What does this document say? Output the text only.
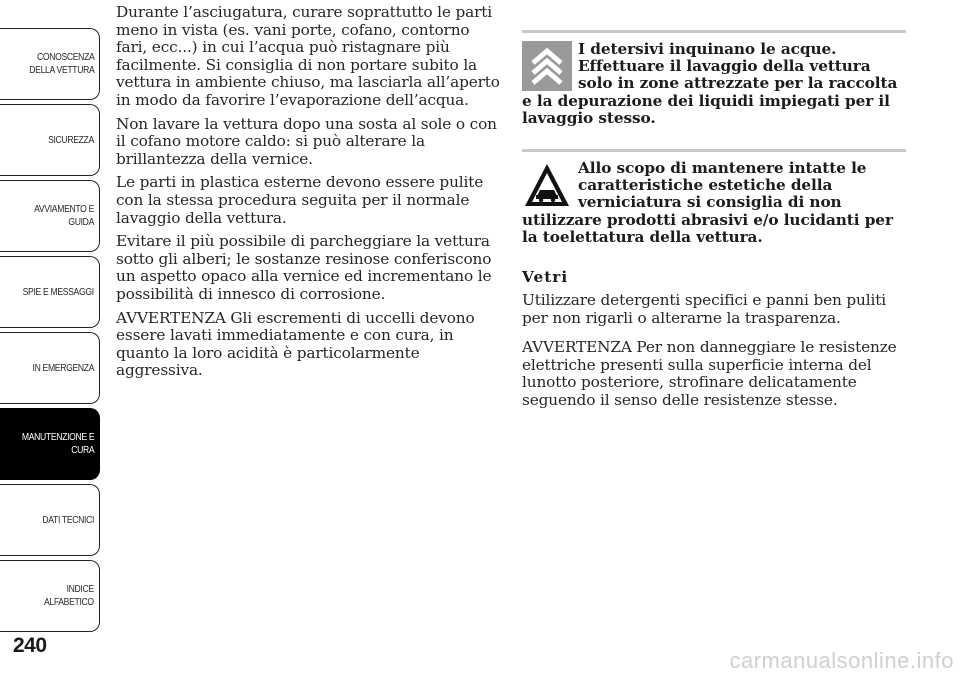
CONOSCENZA
DELLA VETTURA
SICUREZZA
AVVIAMENTO E
GUIDA
SPIE E MESSAGGI
IN EMERGENZA
MANUTENZIONE E
CURA
DATI TECNICI
INDICE
ALFABETICO
240

Durante l’asciugatura, curare soprattutto le parti meno in vista (es. vani porte, cofano, contorno fari, ecc...) in cui l’acqua può ristagnare più facilmente. Si consiglia di non portare subito la vettura in ambiente chiuso, ma lasciarla all’aperto in modo da favorire l’evaporazione dell’acqua.

Non lavare la vettura dopo una sosta al sole o con il cofano motore caldo: si può alterare la brillantezza della vernice.

Le parti in plastica esterne devono essere pulite con la stessa procedura seguita per il normale lavaggio della vettura.

Evitare il più possibile di parcheggiare la vettura sotto gli alberi; le sostanze resinose conferiscono un aspetto opaco alla vernice ed incrementano le possibilità di innesco di corrosione.

AVVERTENZA Gli escrementi di uccelli devono essere lavati immediatamente e con cura, in quanto la loro acidità è particolarmente aggressiva.

I detersivi inquinano le acque. Effettuare il lavaggio della vettura solo in zone attrezzate per la raccolta e la depurazione dei liquidi impiegati per il lavaggio stesso.

Allo scopo di mantenere intatte le caratteristiche estetiche della verniciatura si consiglia di non utilizzare prodotti abrasivi e/o lucidanti per la toelettatura della vettura.

Vetri

Utilizzare detergenti specifici e panni ben puliti per non rigarli o alterarne la trasparenza.

AVVERTENZA Per non danneggiare le resistenze elettriche presenti sulla superficie interna del lunotto posteriore, strofinare delicatamente seguendo il senso delle resistenze stesse.

carmanualsonline.info
